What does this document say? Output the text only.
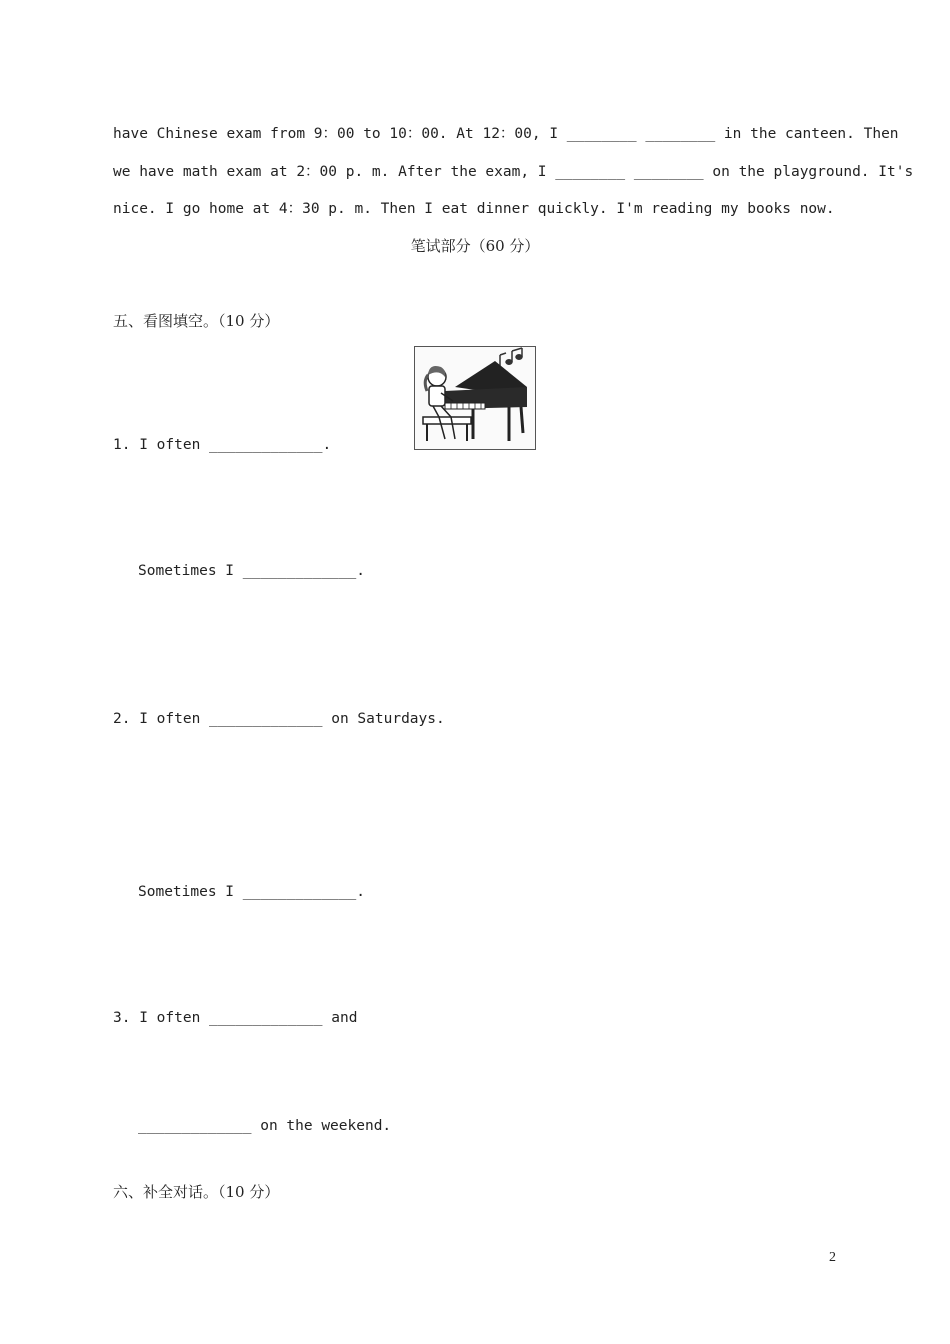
have Chinese exam from 9：00 to 10：00. At 12：00, I ________ ________ in the canteen. Then
we have math exam at 2：00 p. m. After the exam, I ________ ________ on the playground. It's
nice. I go home at 4：30 p. m. Then I eat dinner quickly. I'm reading my books now.
笔试部分（60 分）
五、看图填空。（10 分）
1. I often _____________.
Sometimes I _____________.
2. I often _____________ on Saturdays.
Sometimes I _____________.
3. I often _____________ and
_____________ on the weekend.
六、补全对话。（10 分）
2
